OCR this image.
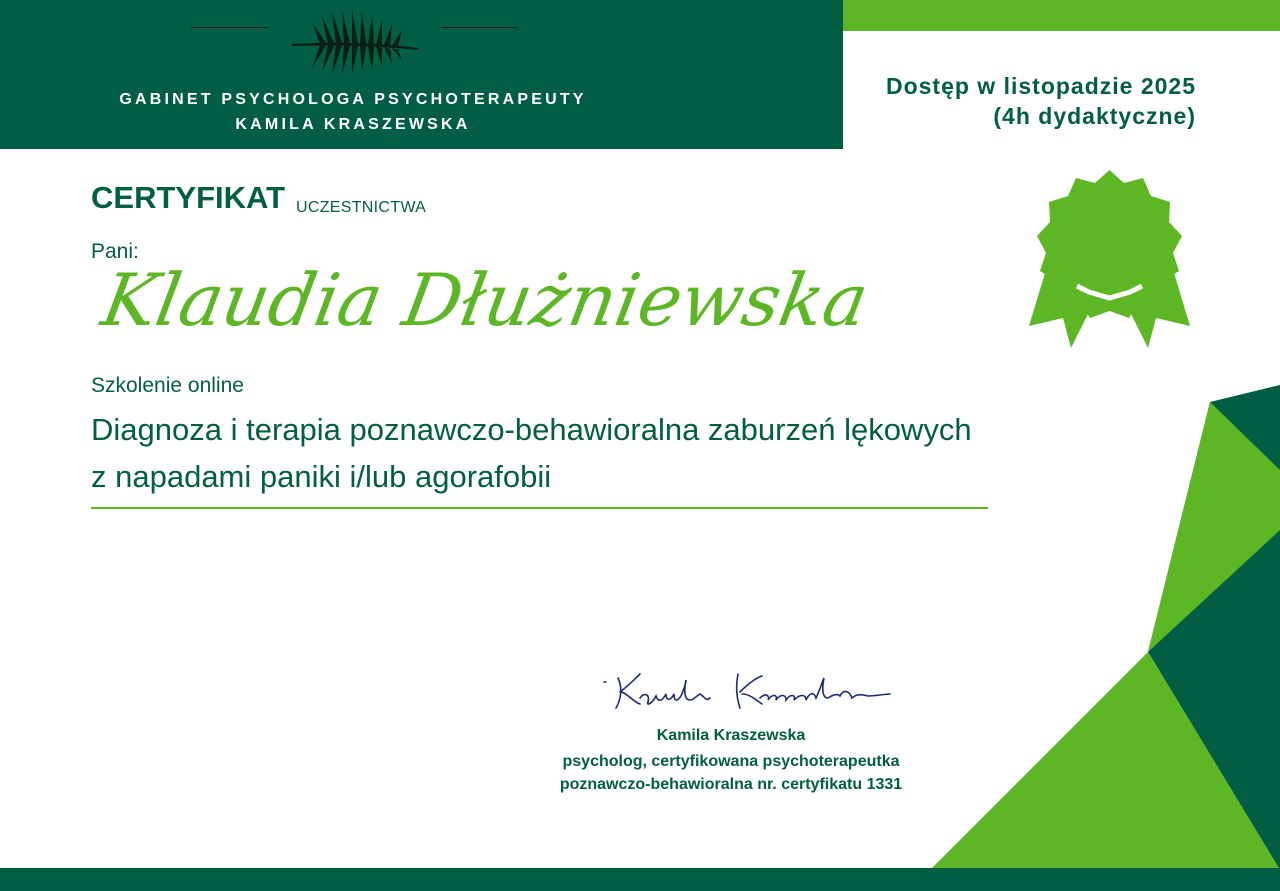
GABINET PSYCHOLOGA PSYCHOTERAPEUTY
KAMILA KRASZEWSKA
Dostęp w listopadzie 2025
(4h dydaktyczne)
CERTYFIKAT UCZESTNICTWA
Pani:
Klaudia Dłużniewska
Szkolenie online
Diagnoza i terapia poznawczo-behawioralna zaburzeń lękowych z napadami paniki i/lub agorafobii
Kamila Kraszewska
psycholog, certyfikowana psychoterapeutka
poznawczo-behawioralna nr. certyfikatu 1331
